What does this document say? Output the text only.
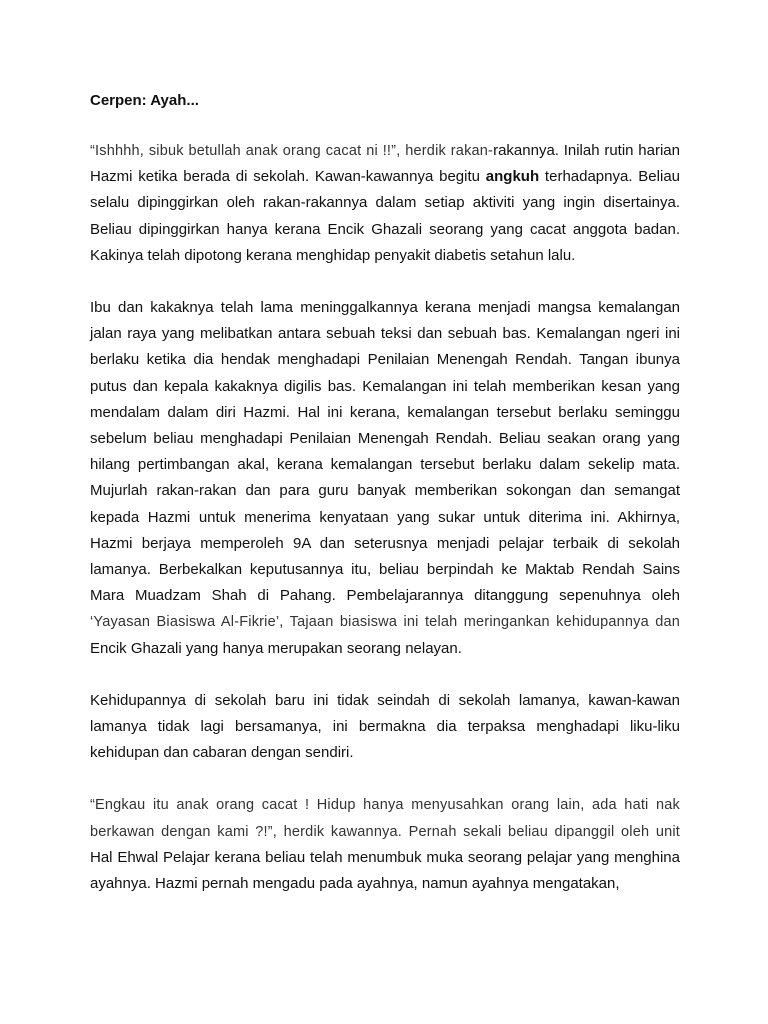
Cerpen: Ayah...

“Ishhhh, sibuk betullah anak orang cacat ni !!”, herdik rakan-rakannya. Inilah rutin harian Hazmi ketika berada di sekolah. Kawan-kawannya begitu angkuh terhadapnya. Beliau selalu dipinggirkan oleh rakan-rakannya dalam setiap aktiviti yang ingin disertainya. Beliau dipinggirkan hanya kerana Encik Ghazali seorang yang cacat anggota badan. Kakinya telah dipotong kerana menghidap penyakit diabetis setahun lalu.

Ibu dan kakaknya telah lama meninggalkannya kerana menjadi mangsa kemalangan jalan raya yang melibatkan antara sebuah teksi dan sebuah bas. Kemalangan ngeri ini berlaku ketika dia hendak menghadapi Penilaian Menengah Rendah. Tangan ibunya putus dan kepala kakaknya digilis bas. Kemalangan ini telah memberikan kesan yang mendalam dalam diri Hazmi. Hal ini kerana, kemalangan tersebut berlaku seminggu sebelum beliau menghadapi Penilaian Menengah Rendah. Beliau seakan orang yang hilang pertimbangan akal, kerana kemalangan tersebut berlaku dalam sekelip mata. Mujurlah rakan-rakan dan para guru banyak memberikan sokongan dan semangat kepada Hazmi untuk menerima kenyataan yang sukar untuk diterima ini. Akhirnya, Hazmi berjaya memperoleh 9A dan seterusnya menjadi pelajar terbaik di sekolah lamanya. Berbekalkan keputusannya itu, beliau berpindah ke Maktab Rendah Sains Mara Muadzam Shah di Pahang. Pembelajarannya ditanggung sepenuhnya oleh ‘Yayasan Biasiswa Al-Fikrie’, Tajaan biasiswa ini telah meringankan kehidupannya dan Encik Ghazali yang hanya merupakan seorang nelayan.

Kehidupannya di sekolah baru ini tidak seindah di sekolah lamanya, kawan-kawan lamanya tidak lagi bersamanya, ini bermakna dia terpaksa menghadapi liku-liku kehidupan dan cabaran dengan sendiri.

“Engkau itu anak orang cacat ! Hidup hanya menyusahkan orang lain, ada hati nak berkawan dengan kami ?!”, herdik kawannya. Pernah sekali beliau dipanggil oleh unit Hal Ehwal Pelajar kerana beliau telah menumbuk muka seorang pelajar yang menghina ayahnya. Hazmi pernah mengadu pada ayahnya, namun ayahnya mengatakan,
